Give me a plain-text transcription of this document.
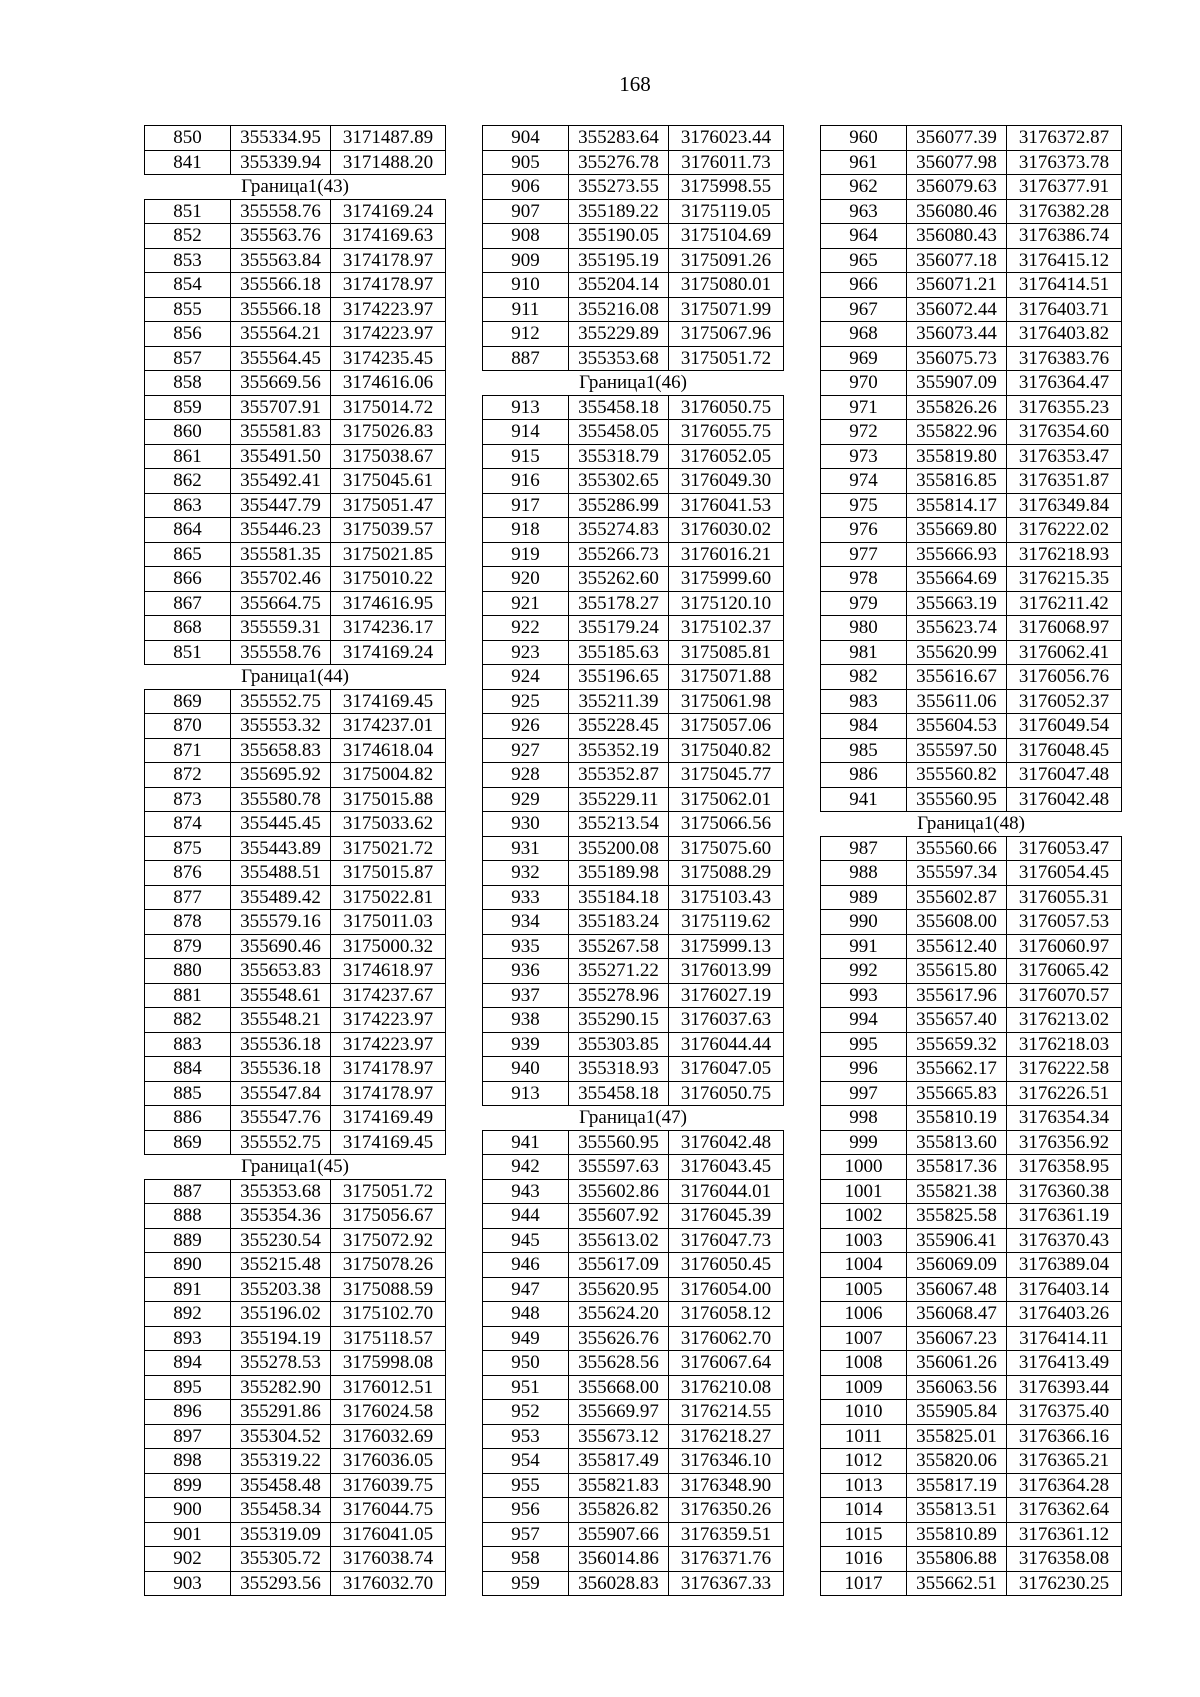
168
850	355334.95	3171487.89
841	355339.94	3171488.20
Граница1(43)		
851	355558.76	3174169.24
852	355563.76	3174169.63
853	355563.84	3174178.97
854	355566.18	3174178.97
855	355566.18	3174223.97
856	355564.21	3174223.97
857	355564.45	3174235.45
858	355669.56	3174616.06
859	355707.91	3175014.72
860	355581.83	3175026.83
861	355491.50	3175038.67
862	355492.41	3175045.61
863	355447.79	3175051.47
864	355446.23	3175039.57
865	355581.35	3175021.85
866	355702.46	3175010.22
867	355664.75	3174616.95
868	355559.31	3174236.17
851	355558.76	3174169.24
Граница1(44)		
869	355552.75	3174169.45
870	355553.32	3174237.01
871	355658.83	3174618.04
872	355695.92	3175004.82
873	355580.78	3175015.88
874	355445.45	3175033.62
875	355443.89	3175021.72
876	355488.51	3175015.87
877	355489.42	3175022.81
878	355579.16	3175011.03
879	355690.46	3175000.32
880	355653.83	3174618.97
881	355548.61	3174237.67
882	355548.21	3174223.97
883	355536.18	3174223.97
884	355536.18	3174178.97
885	355547.84	3174178.97
886	355547.76	3174169.49
869	355552.75	3174169.45
Граница1(45)		
887	355353.68	3175051.72
888	355354.36	3175056.67
889	355230.54	3175072.92
890	355215.48	3175078.26
891	355203.38	3175088.59
892	355196.02	3175102.70
893	355194.19	3175118.57
894	355278.53	3175998.08
895	355282.90	3176012.51
896	355291.86	3176024.58
897	355304.52	3176032.69
898	355319.22	3176036.05
899	355458.48	3176039.75
900	355458.34	3176044.75
901	355319.09	3176041.05
902	355305.72	3176038.74
903	355293.56	3176032.70
904	355283.64	3176023.44
905	355276.78	3176011.73
906	355273.55	3175998.55
907	355189.22	3175119.05
908	355190.05	3175104.69
909	355195.19	3175091.26
910	355204.14	3175080.01
911	355216.08	3175071.99
912	355229.89	3175067.96
887	355353.68	3175051.72
Граница1(46)		
913	355458.18	3176050.75
914	355458.05	3176055.75
915	355318.79	3176052.05
916	355302.65	3176049.30
917	355286.99	3176041.53
918	355274.83	3176030.02
919	355266.73	3176016.21
920	355262.60	3175999.60
921	355178.27	3175120.10
922	355179.24	3175102.37
923	355185.63	3175085.81
924	355196.65	3175071.88
925	355211.39	3175061.98
926	355228.45	3175057.06
927	355352.19	3175040.82
928	355352.87	3175045.77
929	355229.11	3175062.01
930	355213.54	3175066.56
931	355200.08	3175075.60
932	355189.98	3175088.29
933	355184.18	3175103.43
934	355183.24	3175119.62
935	355267.58	3175999.13
936	355271.22	3176013.99
937	355278.96	3176027.19
938	355290.15	3176037.63
939	355303.85	3176044.44
940	355318.93	3176047.05
913	355458.18	3176050.75
Граница1(47)		
941	355560.95	3176042.48
942	355597.63	3176043.45
943	355602.86	3176044.01
944	355607.92	3176045.39
945	355613.02	3176047.73
946	355617.09	3176050.45
947	355620.95	3176054.00
948	355624.20	3176058.12
949	355626.76	3176062.70
950	355628.56	3176067.64
951	355668.00	3176210.08
952	355669.97	3176214.55
953	355673.12	3176218.27
954	355817.49	3176346.10
955	355821.83	3176348.90
956	355826.82	3176350.26
957	355907.66	3176359.51
958	356014.86	3176371.76
959	356028.83	3176367.33
960	356077.39	3176372.87
961	356077.98	3176373.78
962	356079.63	3176377.91
963	356080.46	3176382.28
964	356080.43	3176386.74
965	356077.18	3176415.12
966	356071.21	3176414.51
967	356072.44	3176403.71
968	356073.44	3176403.82
969	356075.73	3176383.76
970	355907.09	3176364.47
971	355826.26	3176355.23
972	355822.96	3176354.60
973	355819.80	3176353.47
974	355816.85	3176351.87
975	355814.17	3176349.84
976	355669.80	3176222.02
977	355666.93	3176218.93
978	355664.69	3176215.35
979	355663.19	3176211.42
980	355623.74	3176068.97
981	355620.99	3176062.41
982	355616.67	3176056.76
983	355611.06	3176052.37
984	355604.53	3176049.54
985	355597.50	3176048.45
986	355560.82	3176047.48
941	355560.95	3176042.48
Граница1(48)		
987	355560.66	3176053.47
988	355597.34	3176054.45
989	355602.87	3176055.31
990	355608.00	3176057.53
991	355612.40	3176060.97
992	355615.80	3176065.42
993	355617.96	3176070.57
994	355657.40	3176213.02
995	355659.32	3176218.03
996	355662.17	3176222.58
997	355665.83	3176226.51
998	355810.19	3176354.34
999	355813.60	3176356.92
1000	355817.36	3176358.95
1001	355821.38	3176360.38
1002	355825.58	3176361.19
1003	355906.41	3176370.43
1004	356069.09	3176389.04
1005	356067.48	3176403.14
1006	356068.47	3176403.26
1007	356067.23	3176414.11
1008	356061.26	3176413.49
1009	356063.56	3176393.44
1010	355905.84	3176375.40
1011	355825.01	3176366.16
1012	355820.06	3176365.21
1013	355817.19	3176364.28
1014	355813.51	3176362.64
1015	355810.89	3176361.12
1016	355806.88	3176358.08
1017	355662.51	3176230.25
